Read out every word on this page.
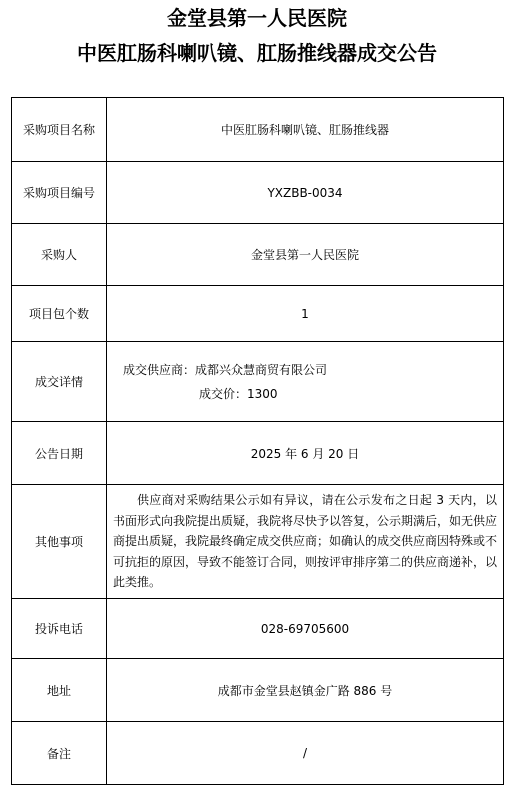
金堂县第一人民医院
中医肛肠科喇叭镜、肛肠推线器成交公告
采购项目名称	中医肛肠科喇叭镜、肛肠推线器
采购项目编号	YXZBB-0034
采购人	金堂县第一人民医院
项目包个数	1
成交详情	成交供应商：成都兴众慧商贸有限公司
成交价：1300

公告日期	2025 年 6 月 20 日
其他事项	供应商对采购结果公示如有异议，请在公示发布之日起 3 天内，以书面形式向我院提出质疑，我院将尽快予以答复，公示期满后，如无供应商提出质疑，我院最终确定成交供应商；如确认的成交供应商因特殊或不可抗拒的原因，导致不能签订合同，则按评审排序第二的供应商递补，以此类推。

投诉电话	028-69705600
地址	成都市金堂县赵镇金广路 886 号
备注	/
